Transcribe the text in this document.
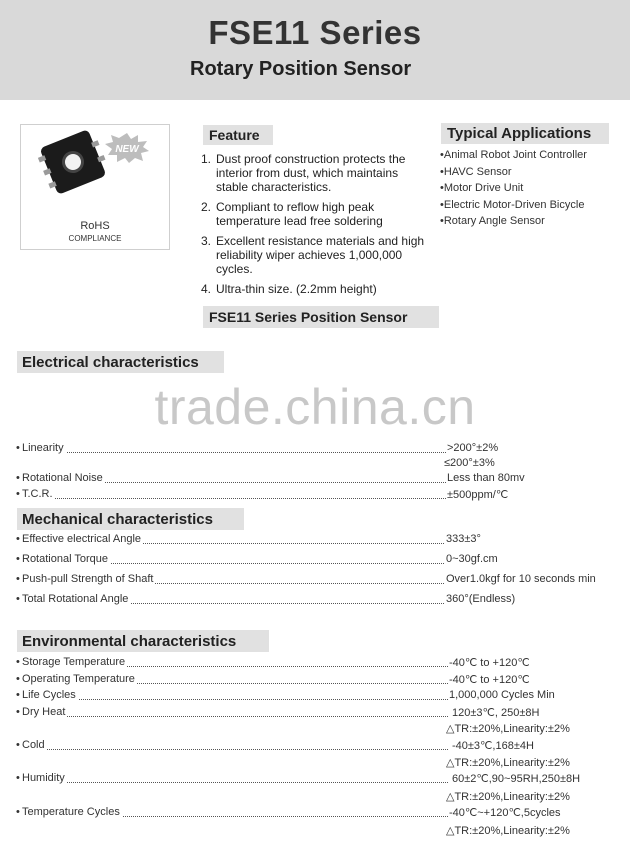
FSE11 Series
Rotary Position Sensor
NEW
RoHS
COMPLIANCE
Feature
1. Dust proof construction protects the interior from dust, which maintains stable characteristics.
2. Compliant to reflow high peak temperature lead free soldering
3. Excellent resistance materials and high reliability wiper achieves 1,000,000 cycles.
4. Ultra-thin size. (2.2mm height)
Typical Applications
•Animal Robot Joint Controller
•HAVC Sensor
•Motor Drive Unit
•Electric Motor-Driven Bicycle
•Rotary Angle Sensor
FSE11 Series Position Sensor
Electrical characteristics
trade.china.cn
• Linearity	>200°±2%
≤200°±3%
• Rotational Noise	Less than 80mv
• T.C.R.	±500ppm/℃
Mechanical characteristics
• Effective electrical Angle	333±3°
• Rotational Torque	0~30gf.cm
• Push-pull Strength of Shaft	Over1.0kgf for 10 seconds min
• Total Rotational Angle	360°(Endless)
Environmental characteristics
• Storage Temperature	-40℃ to +120℃
• Operating Temperature	-40℃ to +120℃
• Life Cycles	1,000,000 Cycles Min
• Dry Heat	120±3℃, 250±8H
△TR:±20%,Linearity:±2%
• Cold	-40±3℃,168±4H
△TR:±20%,Linearity:±2%
• Humidity	60±2℃,90~95RH,250±8H
△TR:±20%,Linearity:±2%
• Temperature Cycles	-40℃~+120℃,5cycles
△TR:±20%,Linearity:±2%
